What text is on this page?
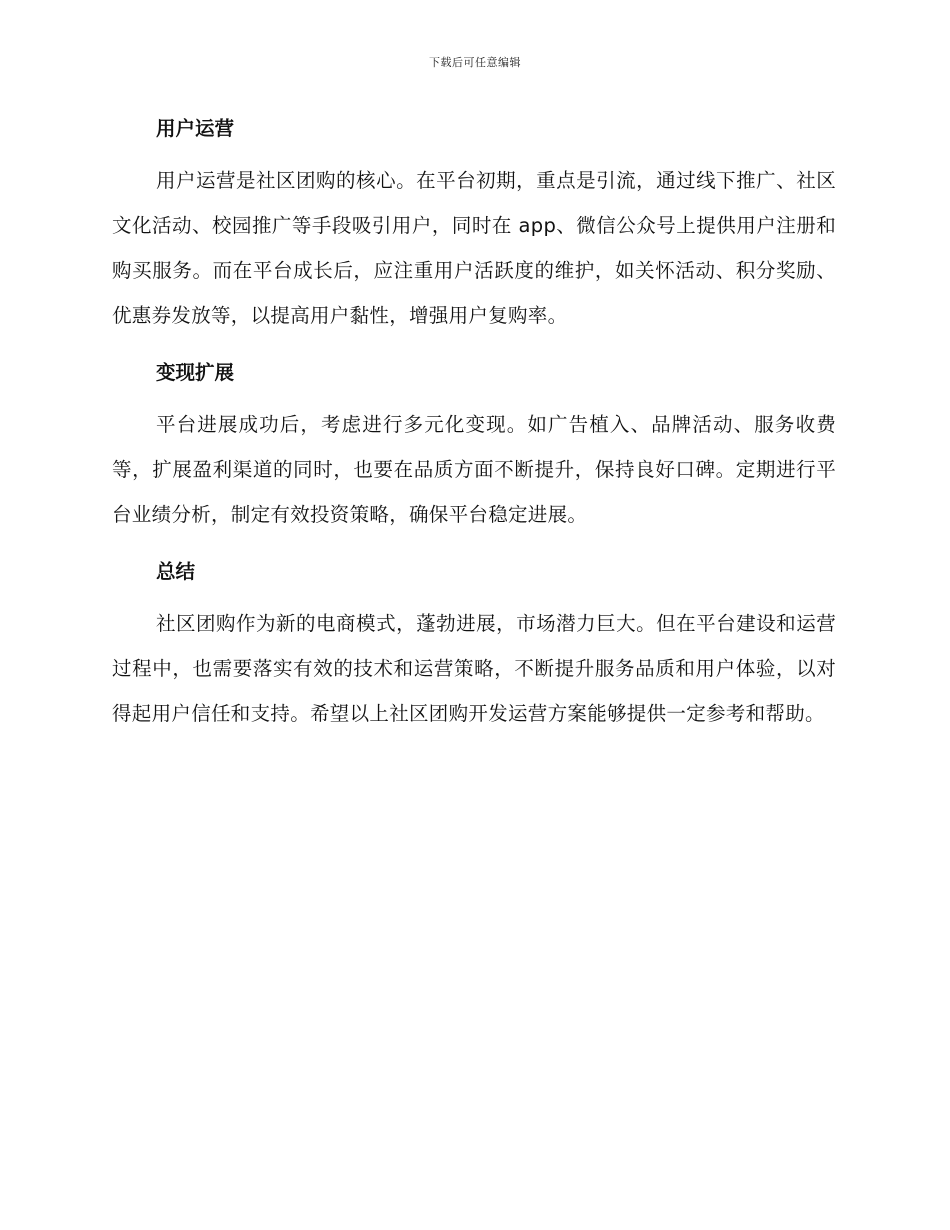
下载后可任意编辑
用户运营

用户运营是社区团购的核心。在平台初期，重点是引流，通过线下推广、社区文化活动、校园推广等手段吸引用户，同时在 app、微信公众号上提供用户注册和购买服务。而在平台成长后，应注重用户活跃度的维护，如关怀活动、积分奖励、优惠券发放等，以提高用户黏性，增强用户复购率。

变现扩展

平台进展成功后，考虑进行多元化变现。如广告植入、品牌活动、服务收费等，扩展盈利渠道的同时，也要在品质方面不断提升，保持良好口碑。定期进行平台业绩分析，制定有效投资策略，确保平台稳定进展。

总结

社区团购作为新的电商模式，蓬勃进展，市场潜力巨大。但在平台建设和运营过程中，也需要落实有效的技术和运营策略，不断提升服务品质和用户体验，以对得起用户信任和支持。希望以上社区团购开发运营方案能够提供一定参考和帮助。
